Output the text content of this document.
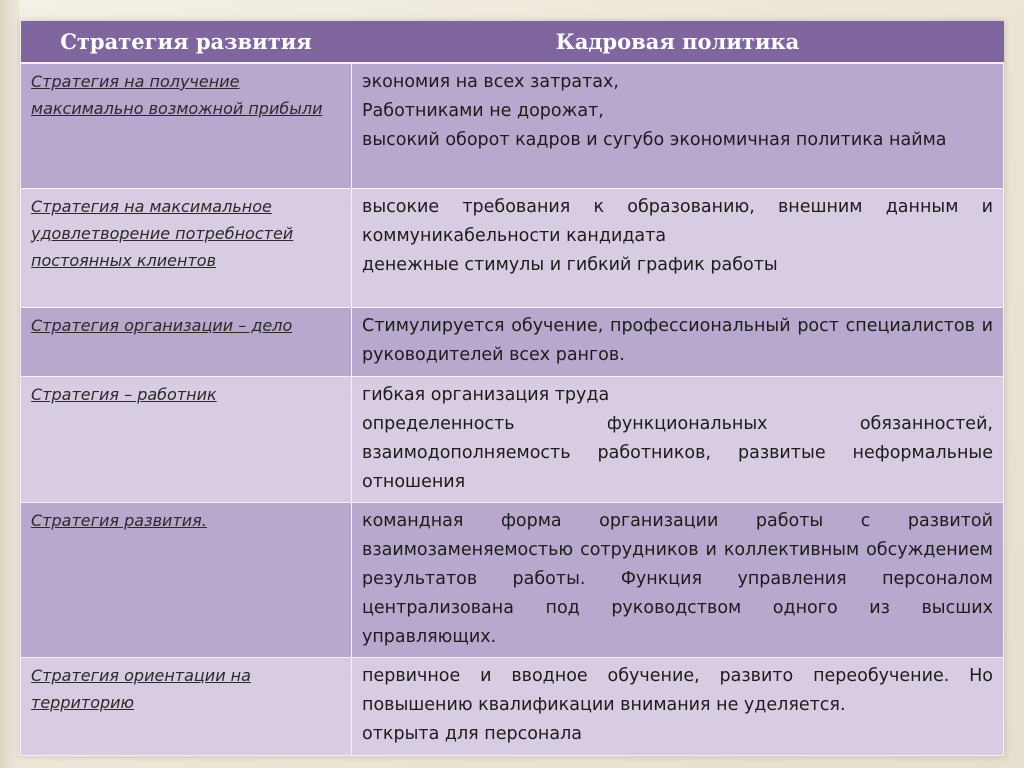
Стратегия развития	Кадровая политика

Стратегия на получение максимально возможной прибыли	экономия на всех затратах,
Работниками не дорожат,
высокий оборот кадров и сугубо экономичная политика найма

Стратегия на максимальное удовлетворение потребностей постоянных клиентов	высокие требования к образованию, внешним данным и коммуникабельности кандидата
денежные стимулы и гибкий график работы

Стратегия организации – дело	Стимулируется обучение, профессиональный рост специалистов и руководителей всех рангов.

Стратегия – работник	гибкая организация труда
определенность функциональных обязанностей, взаимодополняемость работников, развитые неформальные отношения

Стратегия развития.	командная форма организации работы с развитой взаимозаменяемостью сотрудников и коллективным обсуждением результатов работы. Функция управления персоналом централизована под руководством одного из высших управляющих.

Стратегия ориентации на территорию	первичное и вводное обучение, развито переобучение. Но повышению квалификации внимания не уделяется.
открыта для персонала
